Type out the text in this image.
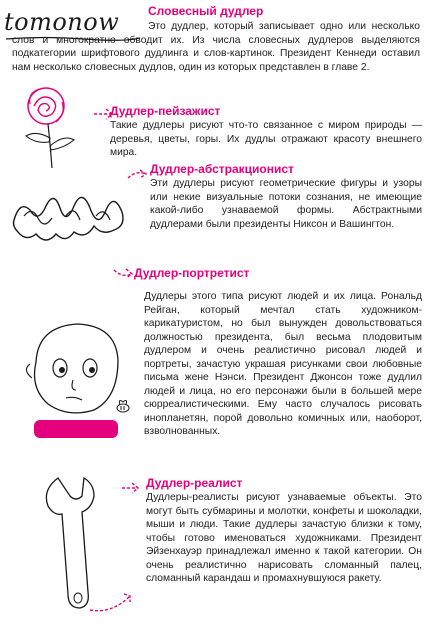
tomonow Словесный дудлер

Это дудлер, который записывает одно или несколько слов и многократно обводит их. Из числа словесных дудлеров выделяются подкатегории шрифтового дудлинга и слов-картинок. Президент Кеннеди оставил нам несколько словесных дудлов, один из которых представлен в главе 2.

Дудлер-пейзажист

Такие дудлеры рисуют что-то связанное с миром природы — деревья, цветы, горы. Их дудлы отражают красоту внешнего мира.

Дудлер-абстракционист

Эти дудлеры рисуют геометрические фигуры и узоры или некие визуальные потоки сознания, не имеющие какой-либо узнаваемой формы. Абстрактными дудлерами были президенты Никсон и Вашингтон.

Дудлер-портретист

Дудлеры этого типа рисуют людей и их лица. Рональд Рейган, который мечтал стать художником-карикатуристом, но был вынужден довольствоваться должностью президента, был весьма плодовитым дудлером и очень реалистично рисовал людей и портреты, зачастую украшая рисунками свои любовные письма жене Нэнси. Президент Джонсон тоже дудлил людей и лица, но его персонажи были в большей мере сюрреалистическими. Ему часто случалось рисовать инопланетян, порой довольно комичных или, наоборот, взволнованных.

Дудлер-реалист

Дудлеры-реалисты рисуют узнаваемые объекты. Это могут быть субмарины и молотки, конфеты и шоколадки, мыши и люди. Такие дудлеры зачастую близки к тому, чтобы готово именоваться художниками. Президент Эйзенхауэр принадлежал именно к такой категории. Он очень реалистично нарисовать сломанный палец, сломанный карандаш и промахнувшуюся ракету.
